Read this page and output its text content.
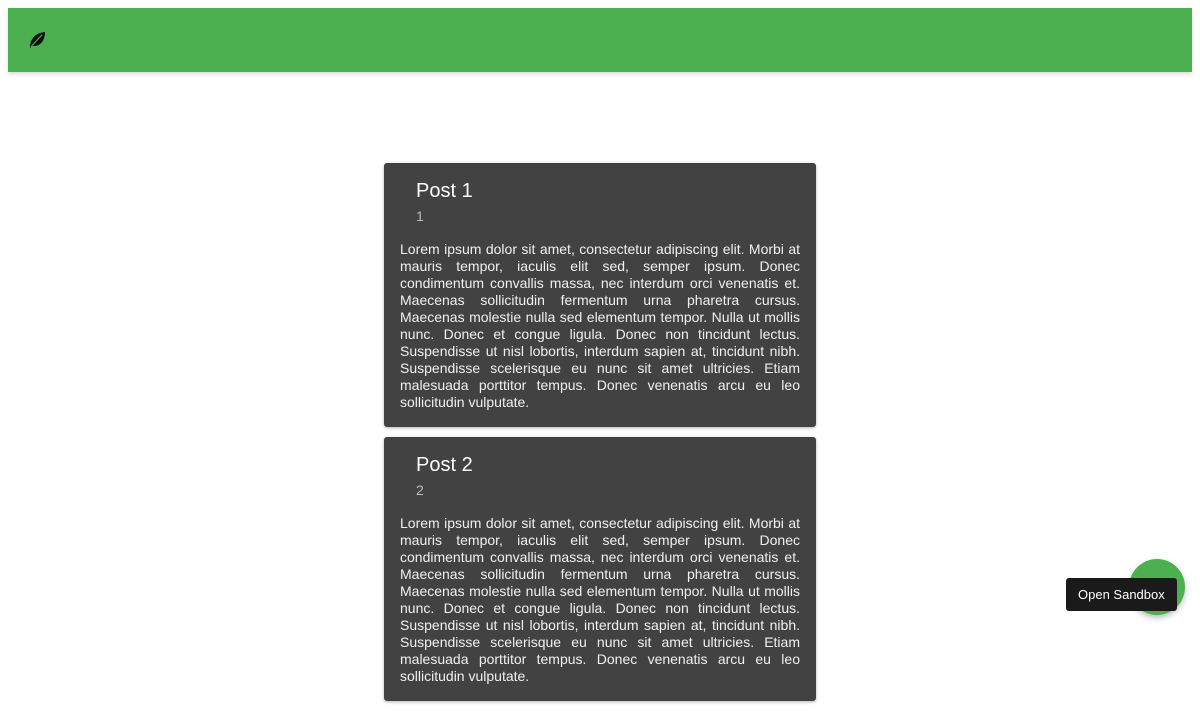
Post 1
1
Lorem ipsum dolor sit amet, consectetur adipiscing elit. Morbi at mauris tempor, iaculis elit sed, semper ipsum. Donec condimentum convallis massa, nec interdum orci venenatis et. Maecenas sollicitudin fermentum urna pharetra cursus. Maecenas molestie nulla sed elementum tempor. Nulla ut mollis nunc. Donec et congue ligula. Donec non tincidunt lectus. Suspendisse ut nisl lobortis, interdum sapien at, tincidunt nibh. Suspendisse scelerisque eu nunc sit amet ultricies. Etiam malesuada porttitor tempus. Donec venenatis arcu eu leo sollicitudin vulputate.
Post 2
2
Lorem ipsum dolor sit amet, consectetur adipiscing elit. Morbi at mauris tempor, iaculis elit sed, semper ipsum. Donec condimentum convallis massa, nec interdum orci venenatis et. Maecenas sollicitudin fermentum urna pharetra cursus. Maecenas molestie nulla sed elementum tempor. Nulla ut mollis nunc. Donec et congue ligula. Donec non tincidunt lectus. Suspendisse ut nisl lobortis, interdum sapien at, tincidunt nibh. Suspendisse scelerisque eu nunc sit amet ultricies. Etiam malesuada porttitor tempus. Donec venenatis arcu eu leo sollicitudin vulputate.
Open Sandbox
